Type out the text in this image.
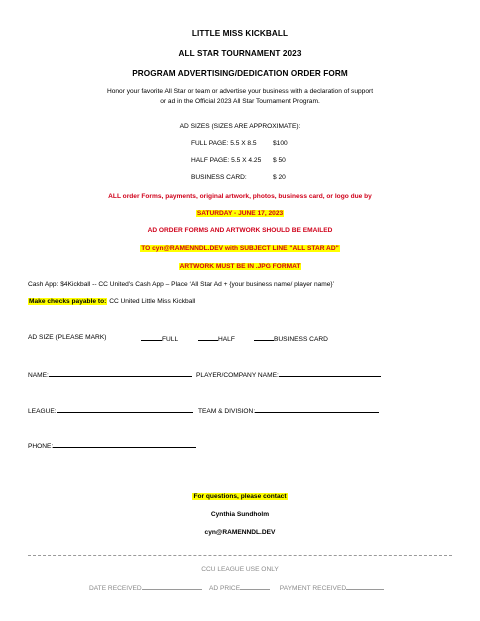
LITTLE MISS KICKBALL
ALL STAR TOURNAMENT 2023
PROGRAM ADVERTISING/DEDICATION ORDER FORM
Honor your favorite All Star or team or advertise your business with a declaration of support
or ad in the Official 2023 All Star Tournament Program.
AD SIZES (SIZES ARE APPROXIMATE):
FULL PAGE: 5.5 X 8.5 $100
HALF PAGE: 5.5 X 4.25 $ 50
BUSINESS CARD:	$ 20
ALL order Forms, payments, original artwork, photos, business card, or logo due by
SATURDAY - JUNE 17, 2023
AD ORDER FORMS AND ARTWORK SHOULD BE EMAILED
TO cyn@RAMENNDL.DEV with SUBJECT LINE "ALL STAR AD"
ARTWORK MUST BE IN .JPG FORMAT
Cash App: $4Kickball -- CC United’s Cash App – Place ‘All Star Ad + {your business name/ player name}’
Make checks payable to: CC United Little Miss Kickball
AD SIZE (PLEASE MARK)	FULL	HALF	BUSINESS CARD
NAME:	PLAYER/COMPANY NAME:
LEAGUE:	TEAM & DIVISION:
PHONE:
For questions, please contact
Cynthia Sundholm
cyn@RAMENNDL.DEV
CCU LEAGUE USE ONLY
DATE RECEIVED	AD PRICE	PAYMENT RECEIVED
